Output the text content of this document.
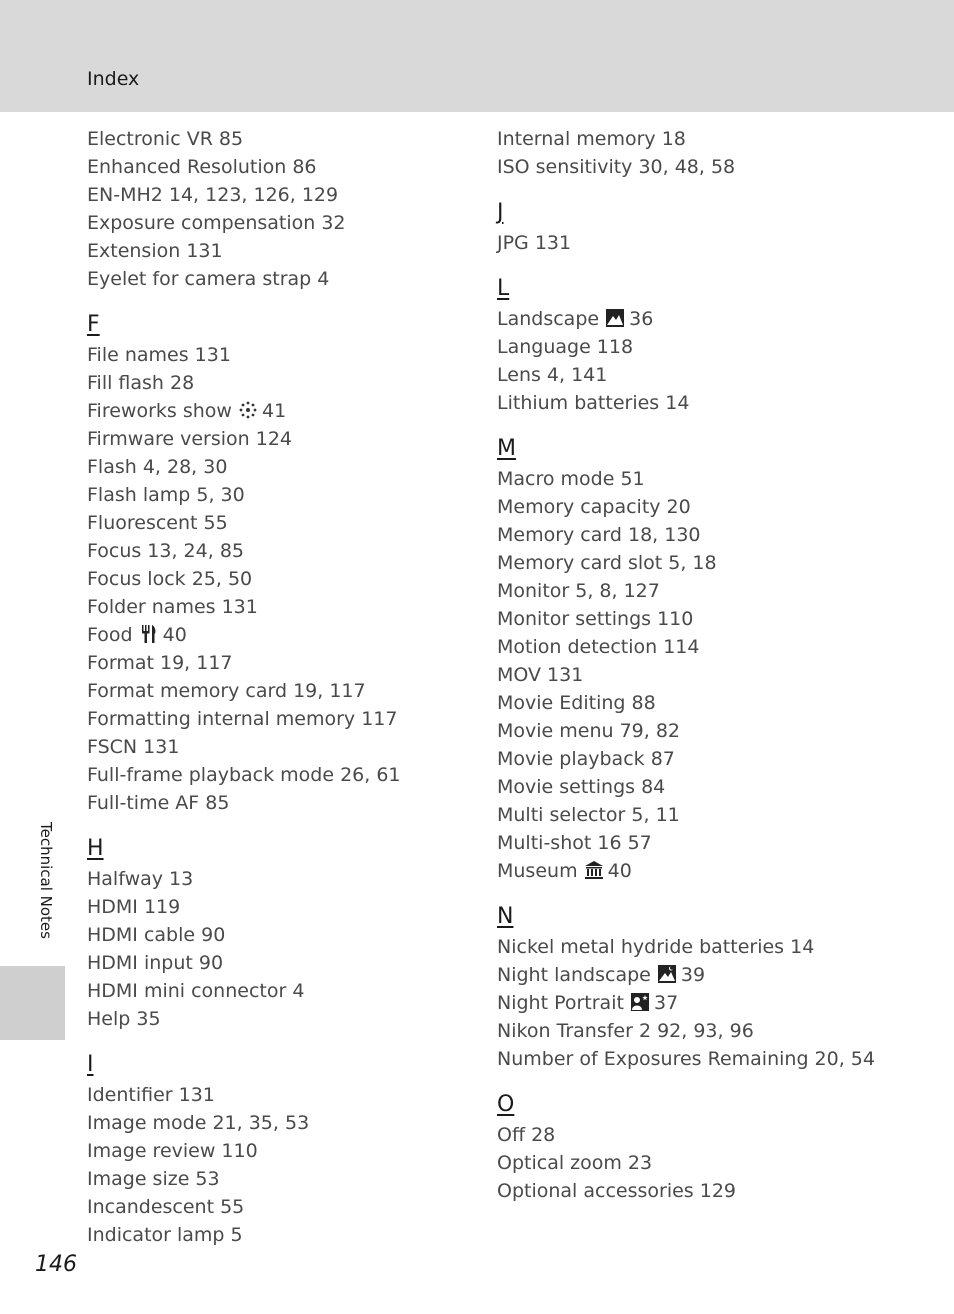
Index
Technical Notes
Electronic VR 85
Enhanced Resolution 86
EN-MH2 14, 123, 126, 129
Exposure compensation 32
Extension 131
Eyelet for camera strap 4
F
File names 131
Fill flash 28
Fireworks show 41
Firmware version 124
Flash 4, 28, 30
Flash lamp 5, 30
Fluorescent 55
Focus 13, 24, 85
Focus lock 25, 50
Folder names 131
Food 40
Format 19, 117
Format memory card 19, 117
Formatting internal memory 117
FSCN 131
Full-frame playback mode 26, 61
Full-time AF 85
H
Halfway 13
HDMI 119
HDMI cable 90
HDMI input 90
HDMI mini connector 4
Help 35
I
Identifier 131
Image mode 21, 35, 53
Image review 110
Image size 53
Incandescent 55
Indicator lamp 5
Internal memory 18
ISO sensitivity 30, 48, 58
J
JPG 131
L
Landscape 36
Language 118
Lens 4, 141
Lithium batteries 14
M
Macro mode 51
Memory capacity 20
Memory card 18, 130
Memory card slot 5, 18
Monitor 5, 8, 127
Monitor settings 110
Motion detection 114
MOV 131
Movie Editing 88
Movie menu 79, 82
Movie playback 87
Movie settings 84
Multi selector 5, 11
Multi-shot 16 57
Museum 40
N
Nickel metal hydride batteries 14
Night landscape 39
Night Portrait 37
Nikon Transfer 2 92, 93, 96
Number of Exposures Remaining 20, 54
O
Off 28
Optical zoom 23
Optional accessories 129
146
